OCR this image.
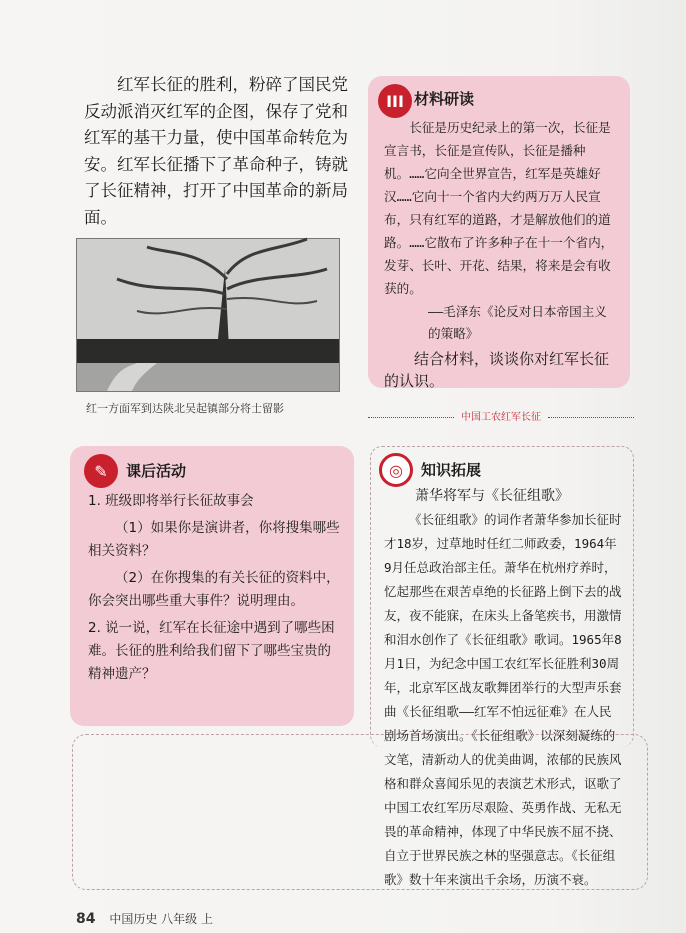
红军长征的胜利，粉碎了国民党反动派消灭红军的企图，保存了党和红军的基干力量，使中国革命转危为安。红军长征播下了革命种子，铸就了长征精神，打开了中国革命的新局面。

红一方面军到达陕北吴起镇部分将士留影
III 材料研读
长征是历史纪录上的第一次，长征是宣言书，长征是宣传队，长征是播种机。……它向全世界宣告，红军是英雄好汉……它向十一个省内大约两万万人民宣布，只有红军的道路，才是解放他们的道路。……它散布了许多种子在十一个省内，发芽、长叶、开花、结果，将来是会有收获的。
——毛泽东《论反对日本帝国主义的策略》
结合材料，谈谈你对红军长征的认识。
中国工农红军长征
✎	课后活动

1. 班级即将举行长征故事会

（1）如果你是演讲者，你将搜集哪些相关资料？

（2）在你搜集的有关长征的资料中，你会突出哪些重大事件？说明理由。

2. 说一说，红军在长征途中遇到了哪些困难。长征的胜利给我们留下了哪些宝贵的精神遗产？

◎	知识拓展
萧华将军与《长征组歌》
《长征组歌》的词作者萧华参加长征时才18岁，过草地时任红二师政委，1964年9月任总政治部主任。萧华在杭州疗养时，忆起那些在艰苦卓绝的长征路上倒下去的战友，夜不能寐，在床头上备笔疾书，用激情和泪水创作了《长征组歌》歌词。1965年8月1日，为纪念中国工农红军长征胜利30周年，北京军区战友歌舞团举行的大型声乐套曲《长征组歌——红军不怕远征难》在人民剧场首场演出。《长征组歌》以深刻凝练的文笔，清新动人的优美曲调，浓郁的民族风格和群众喜闻乐见的表演艺术形式，讴歌了中国工农红军历尽艰险、英勇作战、无私无畏的革命精神，体现了中华民族不屈不挠、自立于世界民族之林的坚强意志。《长征组歌》数十年来演出千余场，历演不衰。
84 中国历史 八年级 上
